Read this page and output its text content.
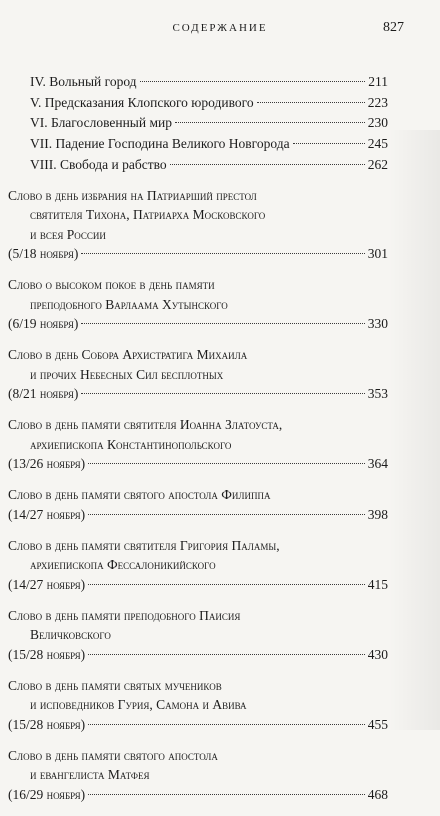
СОДЕРЖАНИЕ	827
IV. Вольный город	211
V. Предсказания Клопского юродивого	223
VI. Благословенный мир	230
VII. Падение Господина Великого Новгорода	245
VIII. Свобода и рабство	262
Слово в день избрания на Патриарший престол
святителя Тихона, Патриарха Московского
и всея России
(5/18 ноября)	301
Слово о высоком покое в день памяти
преподобного Варлаама Хутынского
(6/19 ноября)	330
Слово в день Собора Архистратига Михаила
и прочих Небесных Сил бесплотных
(8/21 ноября)	353
Слово в день памяти святителя Иоанна Златоуста,
архиепископа Константинопольского
(13/26 ноября)	364
Слово в день памяти святого апостола Филиппа
(14/27 ноября)	398
Слово в день памяти святителя Григория Паламы,
архиепископа Фессалоникийского
(14/27 ноября)	415
Слово в день памяти преподобного Паисия
Величковского
(15/28 ноября)	430
Слово в день памяти святых мучеников
и исповедников Гурия, Самона и Авива
(15/28 ноября)	455
Слово в день памяти святого апостола
и евангелиста Матфея
(16/29 ноября)	468
